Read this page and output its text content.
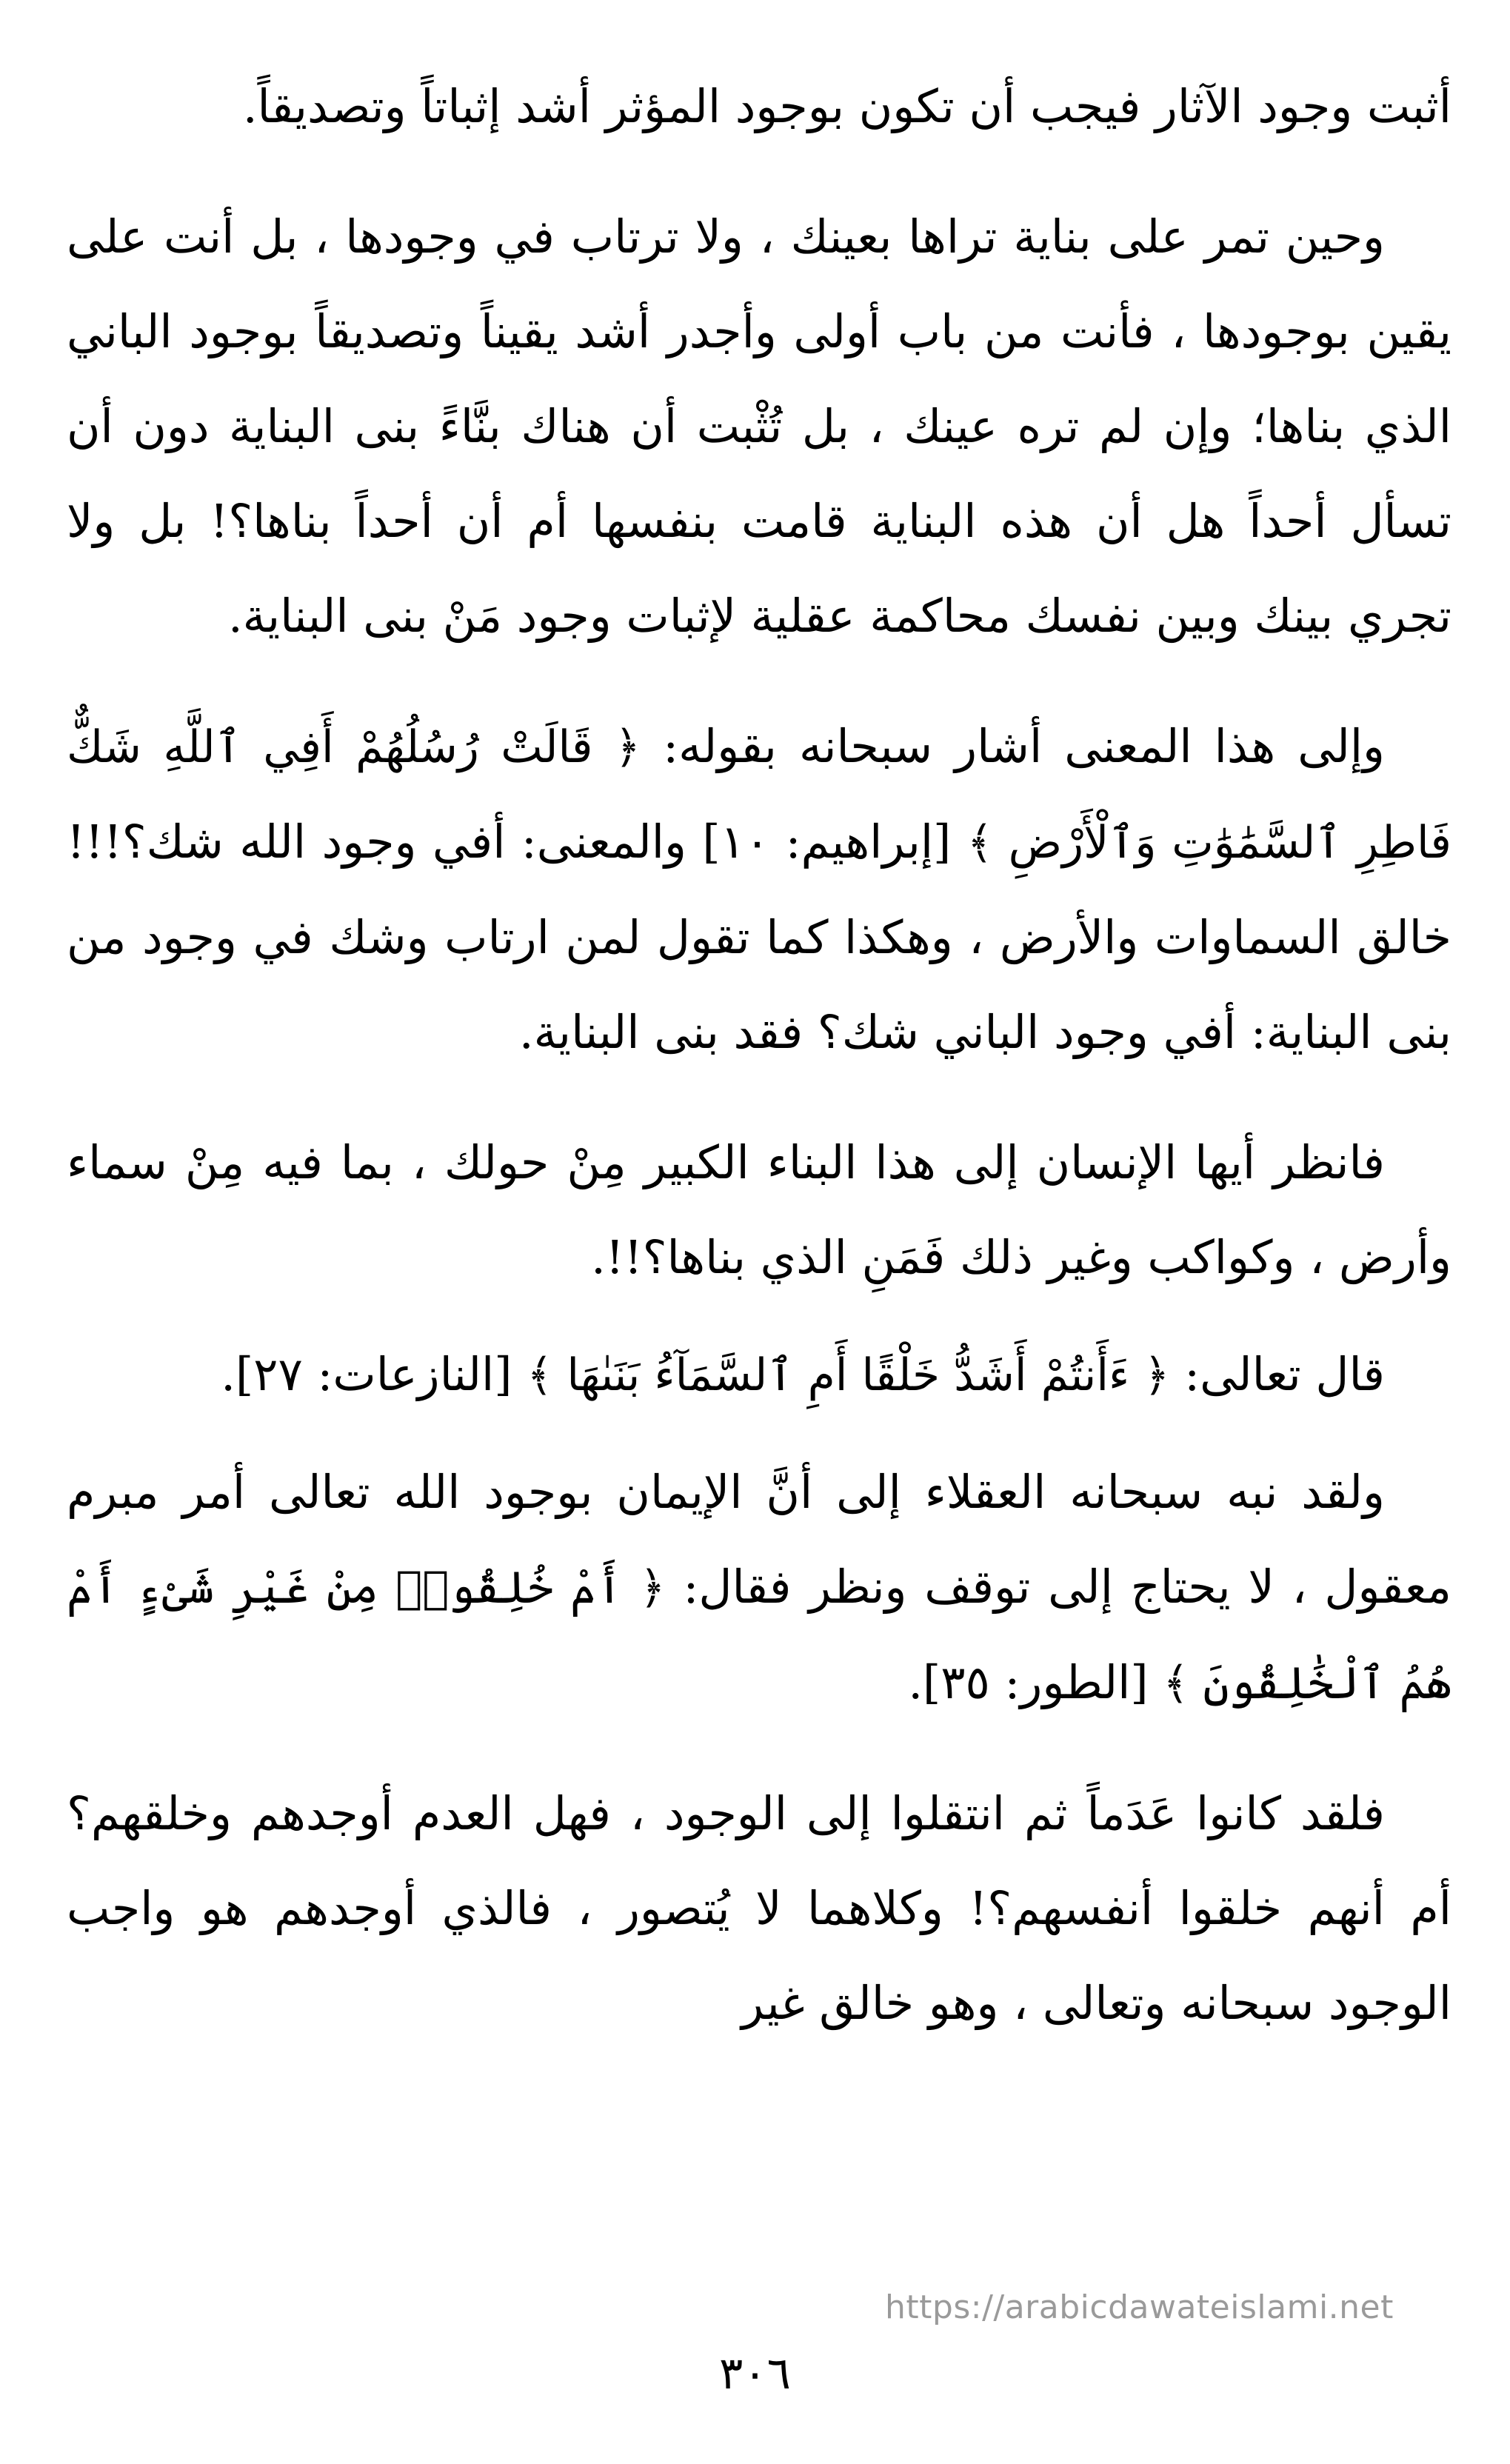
أثبت وجود الآثار فيجب أن تكون بوجود المؤثر أشد إثباتاً وتصديقاً.

وحين تمر على بناية تراها بعينك ، ولا ترتاب في وجودها ، بل أنت على يقين بوجودها ، فأنت من باب أولى وأجدر أشد يقيناً وتصديقاً بوجود الباني الذي بناها؛ وإن لم تره عينك ، بل تُثْبت أن هناك بنَّاءً بنى البناية دون أن تسأل أحداً هل أن هذه البناية قامت بنفسها أم أن أحداً بناها؟! بل ولا تجري بينك وبين نفسك محاكمة عقلية لإثبات وجود مَنْ بنى البناية.

وإلى هذا المعنى أشار سبحانه بقوله: ﴿ قَالَتْ رُسُلُهُمْ أَفِي ٱللَّهِ شَكٌّ فَاطِرِ ٱلسَّمَٰوَٰتِ وَٱلْأَرْضِ ﴾ [إبراهيم: ١٠] والمعنى: أفي وجود الله شك؟!!! خالق السماوات والأرض ، وهكذا كما تقول لمن ارتاب وشك في وجود من بنى البناية: أفي وجود الباني شك؟ فقد بنى البناية.

فانظر أيها الإنسان إلى هذا البناء الكبير مِنْ حولك ، بما فيه مِنْ سماء وأرض ، وكواكب وغير ذلك فَمَنِ الذي بناها؟!!.

قال تعالى: ﴿ ءَأَنتُمْ أَشَدُّ خَلْقًا أَمِ ٱلسَّمَآءُ بَنَىٰهَا ﴾ [النازعات: ٢٧].

ولقد نبه سبحانه العقلاء إلى أنَّ الإيمان بوجود الله تعالى أمر مبرم معقول ، لا يحتاج إلى توقف ونظر فقال: ﴿ أَمْ خُلِقُوا۟ مِنْ غَيْرِ شَىْءٍ أَمْ هُمُ ٱلْخَٰلِقُونَ ﴾ [الطور: ٣٥].

فلقد كانوا عَدَماً ثم انتقلوا إلى الوجود ، فهل العدم أوجدهم وخلقهم؟ أم أنهم خلقوا أنفسهم؟! وكلاهما لا يُتصور ، فالذي أوجدهم هو واجب الوجود سبحانه وتعالى ، وهو خالق غير

https://arabicdawateislami.net
٣٠٦
